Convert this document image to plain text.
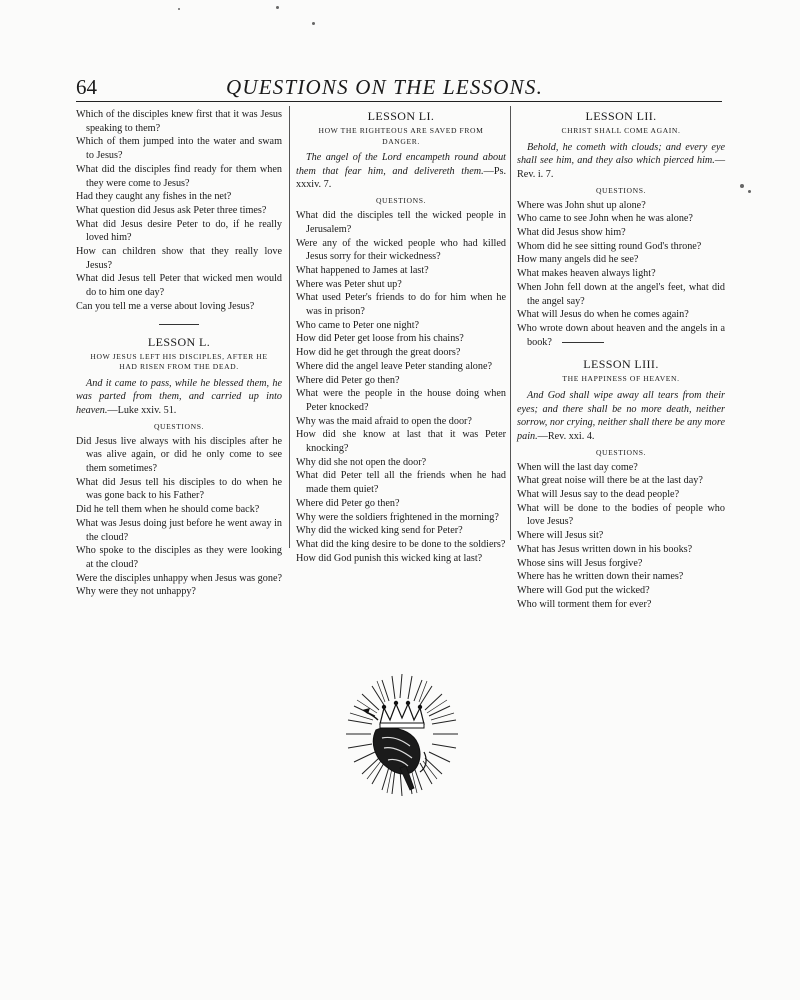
64	QUESTIONS ON THE LESSONS.

Which of the disciples knew first that it was Jesus speaking to them?

Which of them jumped into the water and swam to Jesus?

What did the disciples find ready for them when they were come to Jesus?

Had they caught any fishes in the net?

What question did Jesus ask Peter three times?

What did Jesus desire Peter to do, if he really loved him?

How can children show that they really love Jesus?

What did Jesus tell Peter that wicked men would do to him one day?

Can you tell me a verse about loving Jesus?

LESSON L.

HOW JESUS LEFT HIS DISCIPLES, AFTER HE HAD RISEN FROM THE DEAD.

And it came to pass, while he blessed them, he was parted from them, and carried up into heaven.—Luke xxiv. 51.

QUESTIONS.

Did Jesus live always with his disciples after he was alive again, or did he only come to see them sometimes?

What did Jesus tell his disciples to do when he was gone back to his Father?

Did he tell them when he should come back?

What was Jesus doing just before he went away in the cloud?

Who spoke to the disciples as they were looking at the cloud?

Were the disciples unhappy when Jesus was gone?

Why were they not unhappy?

LESSON LI.

HOW THE RIGHTEOUS ARE SAVED FROM DANGER.

The angel of the Lord encampeth round about them that fear him, and delivereth them.—Ps. xxxiv. 7.

QUESTIONS.

What did the disciples tell the wicked people in Jerusalem?

Were any of the wicked people who had killed Jesus sorry for their wickedness?

What happened to James at last?

Where was Peter shut up?

What used Peter's friends to do for him when he was in prison?

Who came to Peter one night?

How did Peter get loose from his chains?

How did he get through the great doors?

Where did the angel leave Peter standing alone?

Where did Peter go then?

What were the people in the house doing when Peter knocked?

Why was the maid afraid to open the door?

How did she know at last that it was Peter knocking?

Why did she not open the door?

What did Peter tell all the friends when he had made them quiet?

Where did Peter go then?

Why were the soldiers frightened in the morning?

Why did the wicked king send for Peter?

What did the king desire to be done to the soldiers?

How did God punish this wicked king at last?

LESSON LII.

CHRIST SHALL COME AGAIN.

Behold, he cometh with clouds; and every eye shall see him, and they also which pierced him.—Rev. i. 7.

QUESTIONS.

Where was John shut up alone?

Who came to see John when he was alone?

What did Jesus show him?

Whom did he see sitting round God's throne?

How many angels did he see?

What makes heaven always light?

When John fell down at the angel's feet, what did the angel say?

What will Jesus do when he comes again?

Who wrote down about heaven and the angels in a book?

LESSON LIII.

THE HAPPINESS OF HEAVEN.

And God shall wipe away all tears from their eyes; and there shall be no more death, neither sorrow, nor crying, neither shall there be any more pain.—Rev. xxi. 4.

QUESTIONS.

When will the last day come?

What great noise will there be at the last day?

What will Jesus say to the dead people?

What will be done to the bodies of people who love Jesus?

Where will Jesus sit?

What has Jesus written down in his books?

Whose sins will Jesus forgive?

Where has he written down their names?

Where will God put the wicked?

Who will torment them for ever?
